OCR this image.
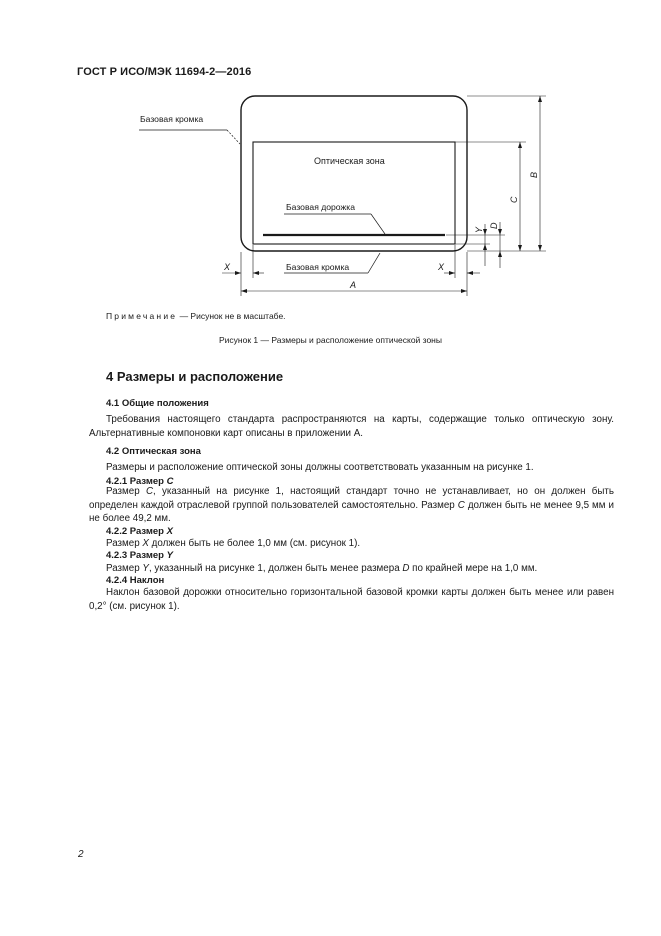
ГОСТ Р ИСО/МЭК 11694-2—2016
Базовая кромка
Оптическая зона
Базовая дорожка
Базовая кромка
X	X
A
B
C
D
Y
Примечание — Рисунок не в масштабе.
Рисунок 1 — Размеры и расположение оптической зоны
4 Размеры и расположение
4.1 Общие положения
Требования настоящего стандарта распространяются на карты, содержащие только оптическую зону. Альтернативные компоновки карт описаны в приложении А.
4.2 Оптическая зона
Размеры и расположение оптической зоны должны соответствовать указанным на рисунке 1.
4.2.1 Размер C
Размер C, указанный на рисунке 1, настоящий стандарт точно не устанавливает, но он должен быть определен каждой отраслевой группой пользователей самостоятельно. Размер C должен быть не менее 9,5 мм и не более 49,2 мм.
4.2.2 Размер X
Размер X должен быть не более 1,0 мм (см. рисунок 1).
4.2.3 Размер Y
Размер Y, указанный на рисунке 1, должен быть менее размера D по крайней мере на 1,0 мм.
4.2.4 Наклон
Наклон базовой дорожки относительно горизонтальной базовой кромки карты должен быть менее или равен 0,2° (см. рисунок 1).
2
